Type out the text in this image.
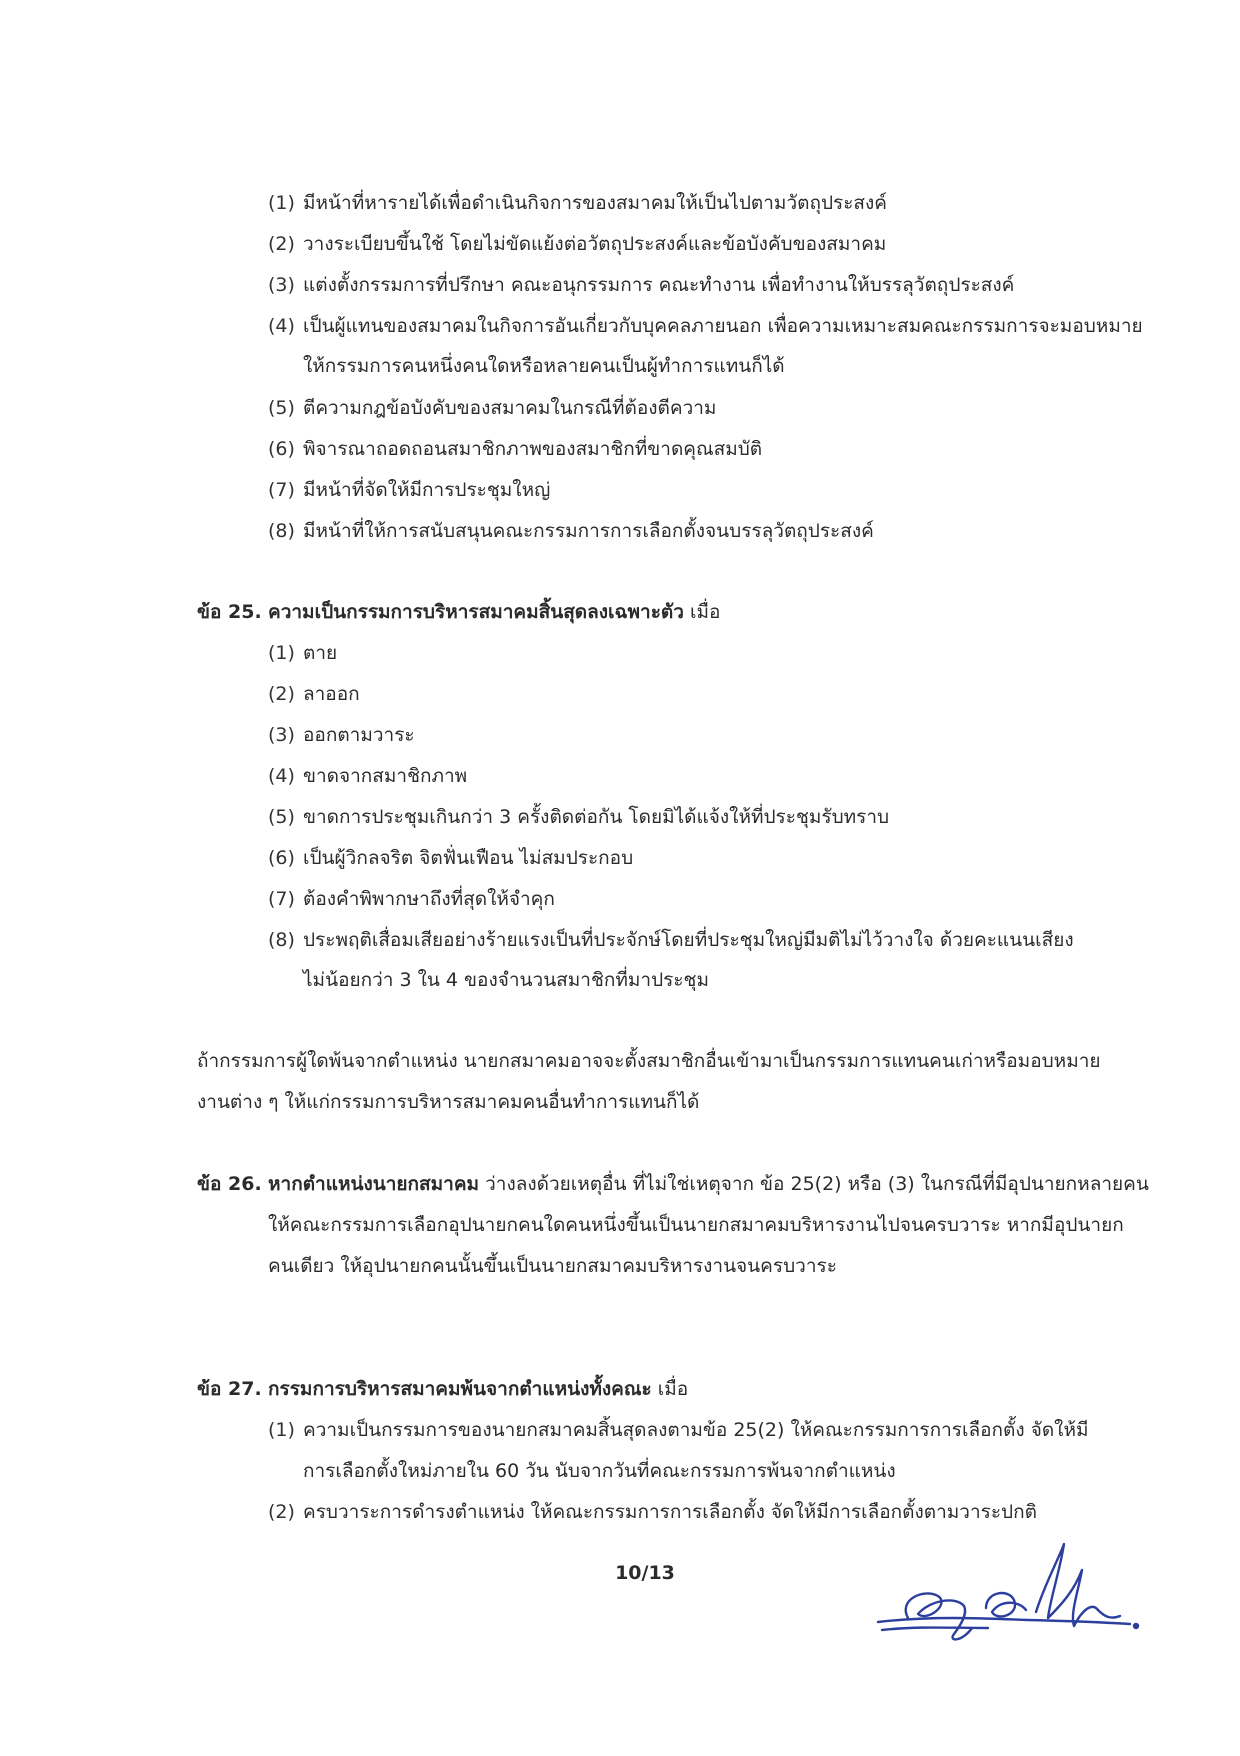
(1) มีหน้าที่หารายได้เพื่อดำเนินกิจการของสมาคมให้เป็นไปตามวัตถุประสงค์
(2) วางระเบียบขึ้นใช้ โดยไม่ขัดแย้งต่อวัตถุประสงค์และข้อบังคับของสมาคม
(3) แต่งตั้งกรรมการที่ปรึกษา คณะอนุกรรมการ คณะทำงาน เพื่อทำงานให้บรรลุวัตถุประสงค์
(4) เป็นผู้แทนของสมาคมในกิจการอันเกี่ยวกับบุคคลภายนอก เพื่อความเหมาะสมคณะกรรมการจะมอบหมาย
ให้กรรมการคนหนึ่งคนใดหรือหลายคนเป็นผู้ทำการแทนก็ได้
(5) ตีความกฎข้อบังคับของสมาคมในกรณีที่ต้องตีความ
(6) พิจารณาถอดถอนสมาชิกภาพของสมาชิกที่ขาดคุณสมบัติ
(7) มีหน้าที่จัดให้มีการประชุมใหญ่
(8) มีหน้าที่ให้การสนับสนุนคณะกรรมการการเลือกตั้งจนบรรลุวัตถุประสงค์
ข้อ 25. ความเป็นกรรมการบริหารสมาคมสิ้นสุดลงเฉพาะตัว เมื่อ
(1) ตาย
(2) ลาออก
(3) ออกตามวาระ
(4) ขาดจากสมาชิกภาพ
(5) ขาดการประชุมเกินกว่า 3 ครั้งติดต่อกัน โดยมิได้แจ้งให้ที่ประชุมรับทราบ
(6) เป็นผู้วิกลจริต จิตฟั่นเฟือน ไม่สมประกอบ
(7) ต้องคำพิพากษาถึงที่สุดให้จำคุก
(8) ประพฤติเสื่อมเสียอย่างร้ายแรงเป็นที่ประจักษ์โดยที่ประชุมใหญ่มีมติไม่ไว้วางใจ ด้วยคะแนนเสียง
ไม่น้อยกว่า 3 ใน 4 ของจำนวนสมาชิกที่มาประชุม
ถ้ากรรมการผู้ใดพ้นจากตำแหน่ง นายกสมาคมอาจจะตั้งสมาชิกอื่นเข้ามาเป็นกรรมการแทนคนเก่าหรือมอบหมาย
งานต่าง ๆ ให้แก่กรรมการบริหารสมาคมคนอื่นทำการแทนก็ได้
ข้อ 26. หากตำแหน่งนายกสมาคม ว่างลงด้วยเหตุอื่น ที่ไม่ใช่เหตุจาก ข้อ 25(2) หรือ (3) ในกรณีที่มีอุปนายกหลายคน
ให้คณะกรรมการเลือกอุปนายกคนใดคนหนึ่งขึ้นเป็นนายกสมาคมบริหารงานไปจนครบวาระ หากมีอุปนายก
คนเดียว ให้อุปนายกคนนั้นขึ้นเป็นนายกสมาคมบริหารงานจนครบวาระ
ข้อ 27. กรรมการบริหารสมาคมพ้นจากตำแหน่งทั้งคณะ เมื่อ
(1) ความเป็นกรรมการของนายกสมาคมสิ้นสุดลงตามข้อ 25(2) ให้คณะกรรมการการเลือกตั้ง จัดให้มี
การเลือกตั้งใหม่ภายใน 60 วัน นับจากวันที่คณะกรรมการพ้นจากตำแหน่ง
(2) ครบวาระการดำรงตำแหน่ง ให้คณะกรรมการการเลือกตั้ง จัดให้มีการเลือกตั้งตามวาระปกติ
10/13
